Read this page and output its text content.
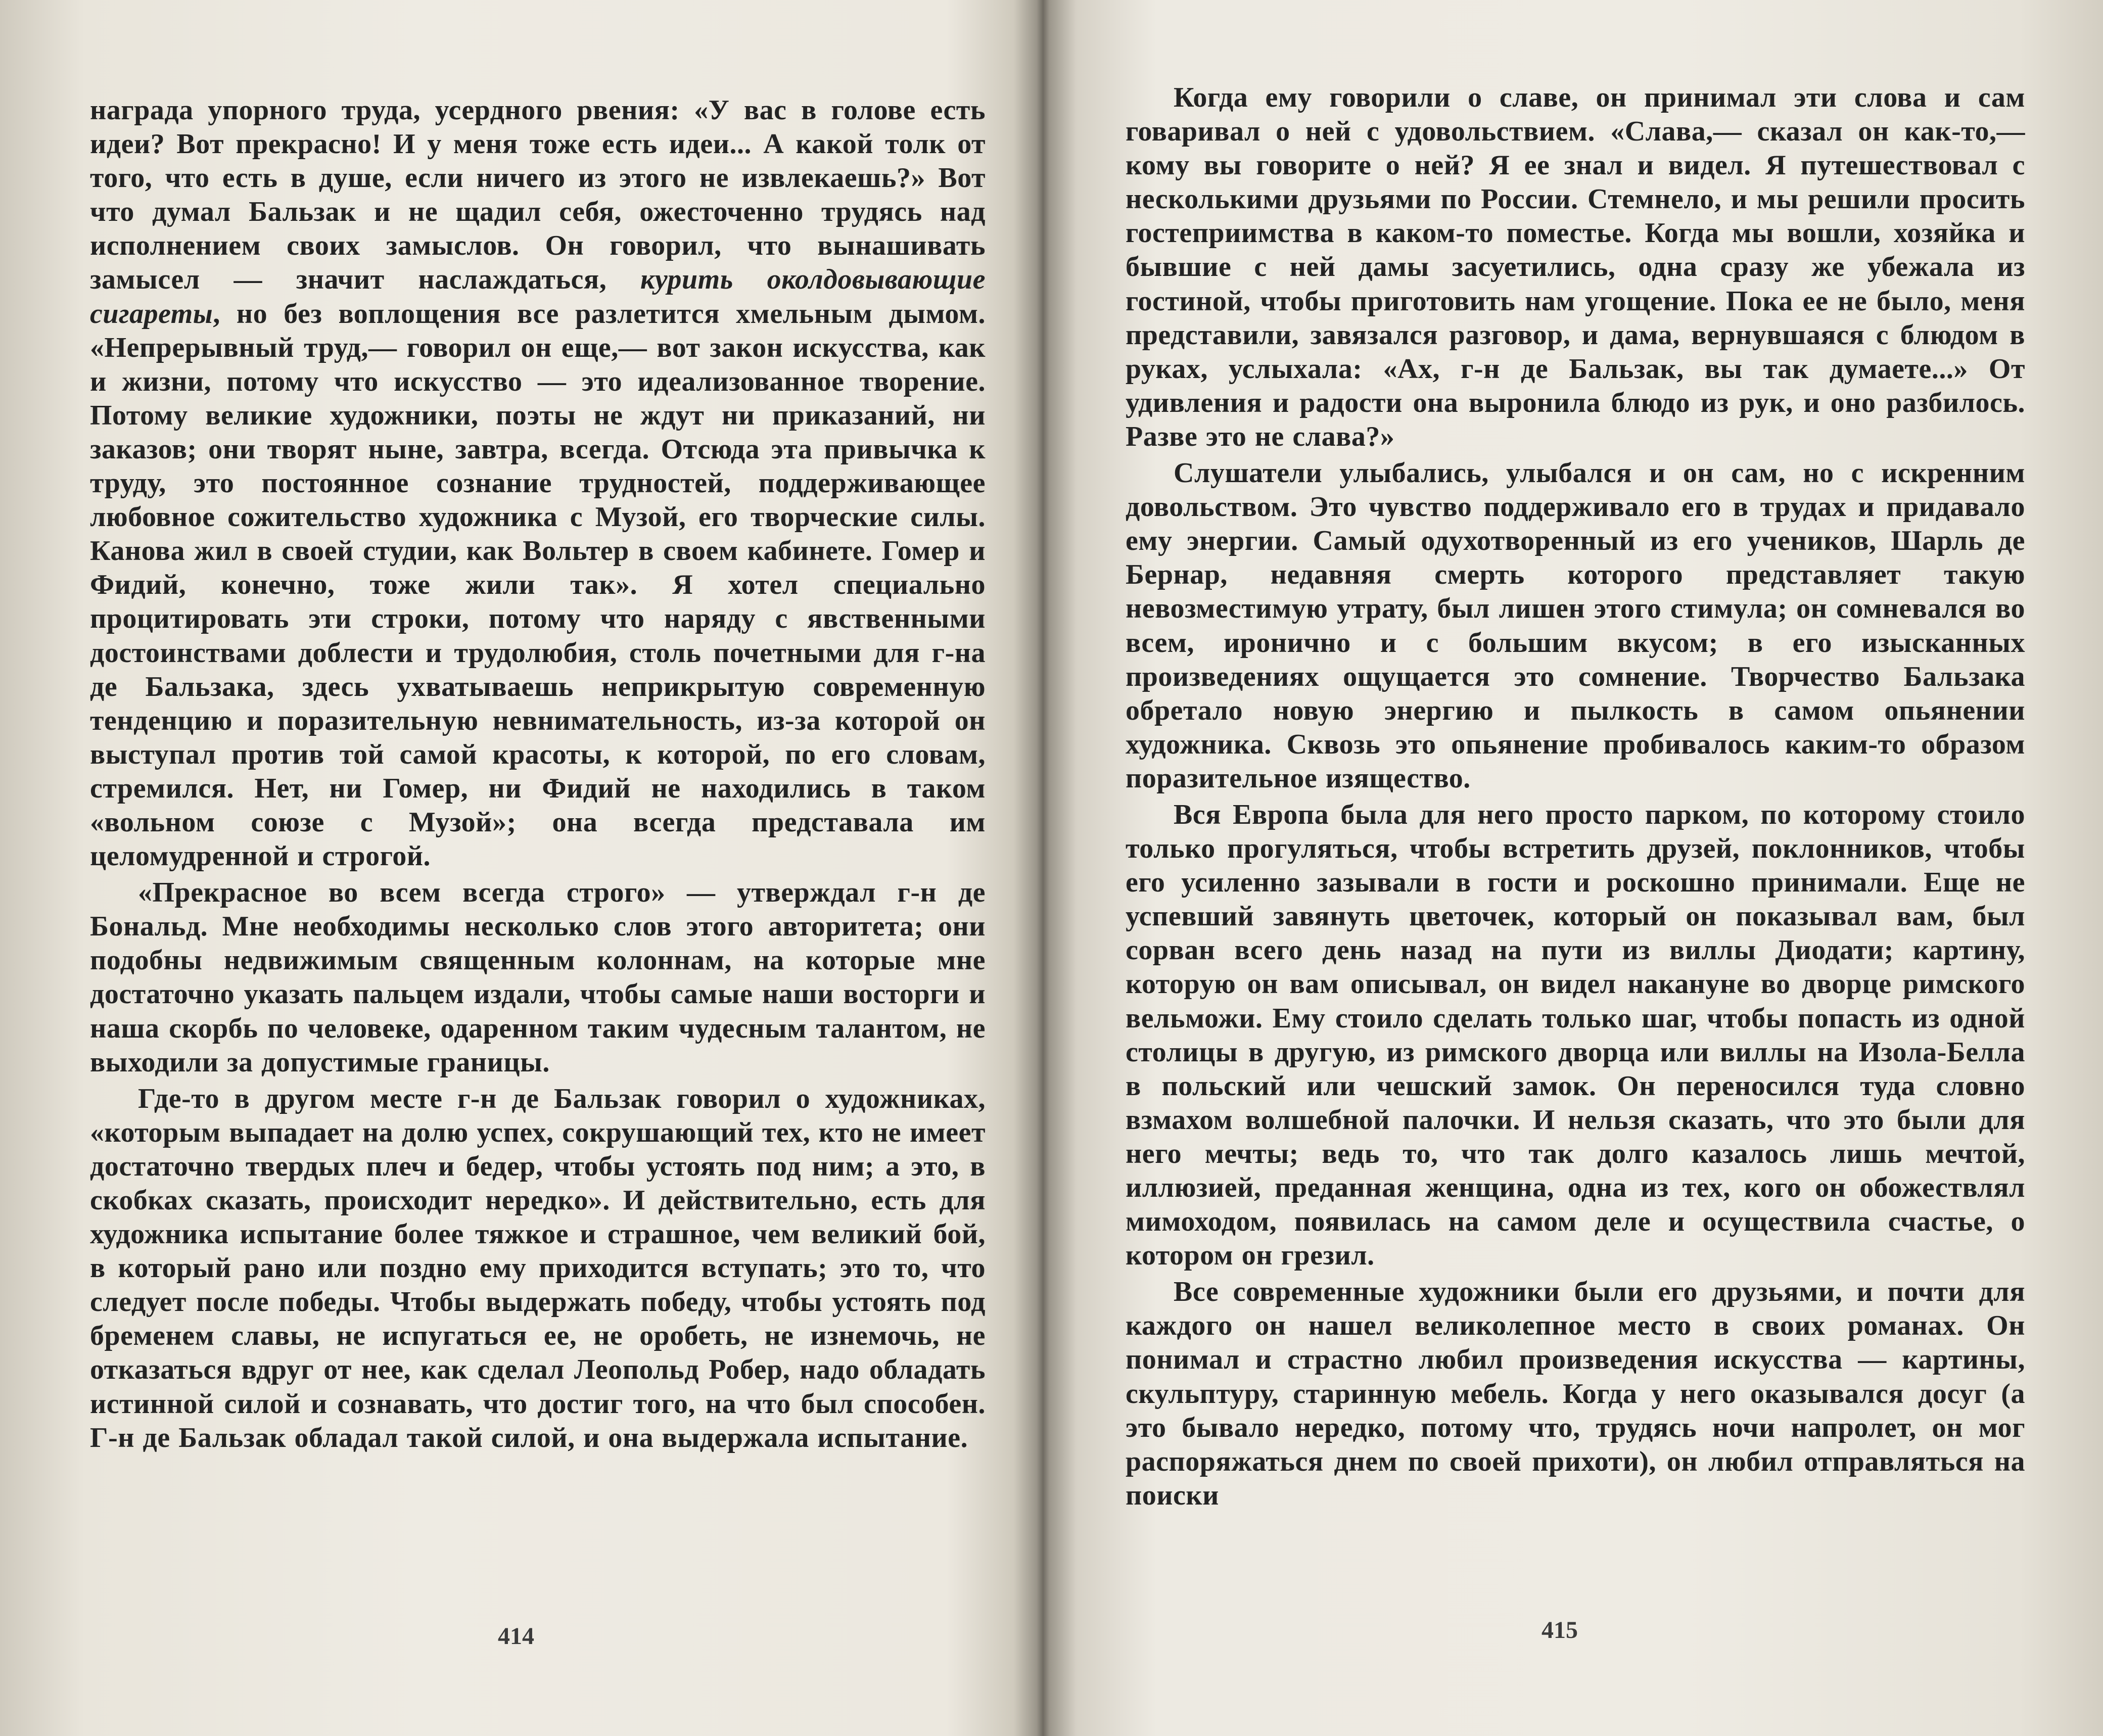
награда упорного труда, усердного рвения: «У вас в голове есть идеи? Вот прекрасно! И у меня тоже есть идеи... А какой толк от того, что есть в душе, если ничего из этого не извлекаешь?» Вот что думал Бальзак и не щадил себя, ожесточенно трудясь над исполнением своих замыслов. Он говорил, что вынашивать замысел — значит наслаждаться, курить околдовывающие сигареты, но без воплощения все разлетится хмельным дымом. «Непрерывный труд,— говорил он еще,— вот закон искусства, как и жизни, потому что искусство — это идеализованное творение. Потому великие художники, поэты не ждут ни приказаний, ни заказов; они творят ныне, завтра, всегда. Отсюда эта привычка к труду, это постоянное сознание трудностей, поддерживающее любовное сожительство художника с Музой, его творческие силы. Канова жил в своей студии, как Вольтер в своем кабинете. Гомер и Фидий, конечно, тоже жили так». Я хотел специально процитировать эти строки, потому что наряду с явственными достоинствами доблести и трудолюбия, столь почетными для г-на де Бальзака, здесь ухватываешь неприкрытую современную тенденцию и поразительную невнимательность, из-за которой он выступал против той самой красоты, к которой, по его словам, стремился. Нет, ни Гомер, ни Фидий не находились в таком «вольном союзе с Музой»; она всегда представала им целомудренной и строгой.

«Прекрасное во всем всегда строго» — утверждал г-н де Бональд. Мне необходимы несколько слов этого авторитета; они подобны недвижимым священным колоннам, на которые мне достаточно указать пальцем издали, чтобы самые наши восторги и наша скорбь по человеке, одаренном таким чудесным талантом, не выходили за допустимые границы.

Где-то в другом месте г-н де Бальзак говорил о художниках, «которым выпадает на долю успех, сокрушающий тех, кто не имеет достаточно твердых плеч и бедер, чтобы устоять под ним; а это, в скобках сказать, происходит нередко». И действительно, есть для художника испытание более тяжкое и страшное, чем великий бой, в который рано или поздно ему приходится вступать; это то, что следует после победы. Чтобы выдержать победу, чтобы устоять под бременем славы, не испугаться ее, не оробеть, не изнемочь, не отказаться вдруг от нее, как сделал Леопольд Робер, надо обладать истинной силой и сознавать, что достиг того, на что был способен. Г-н де Бальзак обладал такой силой, и она выдержала испытание.

414

Когда ему говорили о славе, он принимал эти слова и сам говаривал о ней с удовольствием. «Слава,— сказал он как-то,— кому вы говорите о ней? Я ее знал и видел. Я путешествовал с несколькими друзьями по России. Стемнело, и мы решили просить гостеприимства в каком-то поместье. Когда мы вошли, хозяйка и бывшие с ней дамы засуетились, одна сразу же убежала из гостиной, чтобы приготовить нам угощение. Пока ее не было, меня представили, завязался разговор, и дама, вернувшаяся с блюдом в руках, услыхала: «Ах, г-н де Бальзак, вы так думаете...» От удивления и радости она выронила блюдо из рук, и оно разбилось. Разве это не слава?»

Слушатели улыбались, улыбался и он сам, но с искренним довольством. Это чувство поддерживало его в трудах и придавало ему энергии. Самый одухотворенный из его учеников, Шарль де Бернар, недавняя смерть которого представляет такую невозместимую утрату, был лишен этого стимула; он сомневался во всем, иронично и с большим вкусом; в его изысканных произведениях ощущается это сомнение. Творчество Бальзака обретало новую энергию и пылкость в самом опьянении художника. Сквозь это опьянение пробивалось каким-то образом поразительное изящество.

Вся Европа была для него просто парком, по которому стоило только прогуляться, чтобы встретить друзей, поклонников, чтобы его усиленно зазывали в гости и роскошно принимали. Еще не успевший завянуть цветочек, который он показывал вам, был сорван всего день назад на пути из виллы Диодати; картину, которую он вам описывал, он видел накануне во дворце римского вельможи. Ему стоило сделать только шаг, чтобы попасть из одной столицы в другую, из римского дворца или виллы на Изола-Белла в польский или чешский замок. Он переносился туда словно взмахом волшебной палочки. И нельзя сказать, что это были для него мечты; ведь то, что так долго казалось лишь мечтой, иллюзией, преданная женщина, одна из тех, кого он обожествлял мимоходом, появилась на самом деле и осуществила счастье, о котором он грезил.

Все современные художники были его друзьями, и почти для каждого он нашел великолепное место в своих романах. Он понимал и страстно любил произведения искусства — картины, скульптуру, старинную мебель. Когда у него оказывался досуг (а это бывало нередко, потому что, трудясь ночи напролет, он мог распоряжаться днем по своей прихоти), он любил отправляться на поиски

415
